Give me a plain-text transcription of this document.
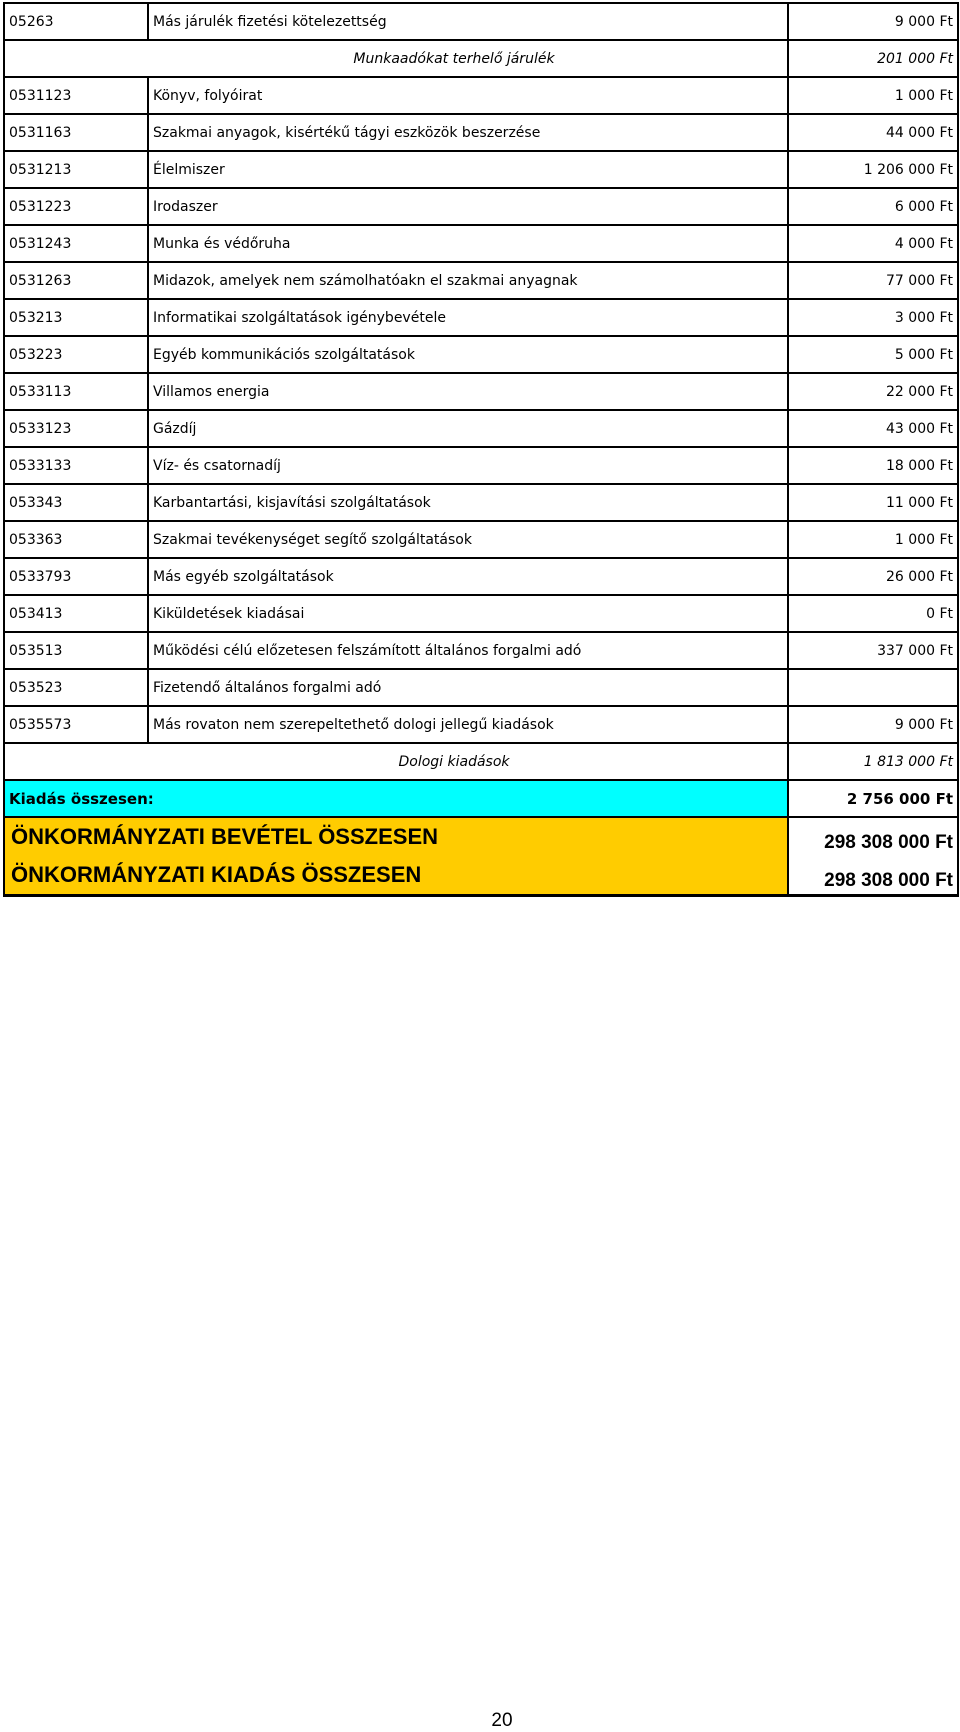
05263	Más járulék fizetési kötelezettség	9 000 Ft
Munkaadókat terhelő járulék		201 000 Ft
0531123	Könyv, folyóirat	1 000 Ft
0531163	Szakmai anyagok, kisértékű tágyi eszközök beszerzése	44 000 Ft
0531213	Élelmiszer	1 206 000 Ft
0531223	Irodaszer	6 000 Ft
0531243	Munka és védőruha	4 000 Ft
0531263	Midazok, amelyek nem számolhatóakn el szakmai anyagnak	77 000 Ft
053213	Informatikai szolgáltatások igénybevétele	3 000 Ft
053223	Egyéb kommunikációs szolgáltatások	5 000 Ft
0533113	Villamos energia	22 000 Ft
0533123	Gázdíj	43 000 Ft
0533133	Víz- és csatornadíj	18 000 Ft
053343	Karbantartási, kisjavítási szolgáltatások	11 000 Ft
053363	Szakmai tevékenységet segítő szolgáltatások	1 000 Ft
0533793	Más egyéb szolgáltatások	26 000 Ft
053413	Kiküldetések kiadásai	0 Ft
053513	Működési célú előzetesen felszámított általános forgalmi adó	337 000 Ft
053523	Fizetendő általános forgalmi adó	
0535573	Más rovaton nem szerepeltethető dologi jellegű kiadások	9 000 Ft
Dologi kiadások		1 813 000 Ft
Kiadás összesen:		2 756 000 Ft
ÖNKORMÁNYZATI BEVÉTEL ÖSSZESEN		298 308 000 Ft
ÖNKORMÁNYZATI KIADÁS ÖSSZESEN		298 308 000 Ft
20
